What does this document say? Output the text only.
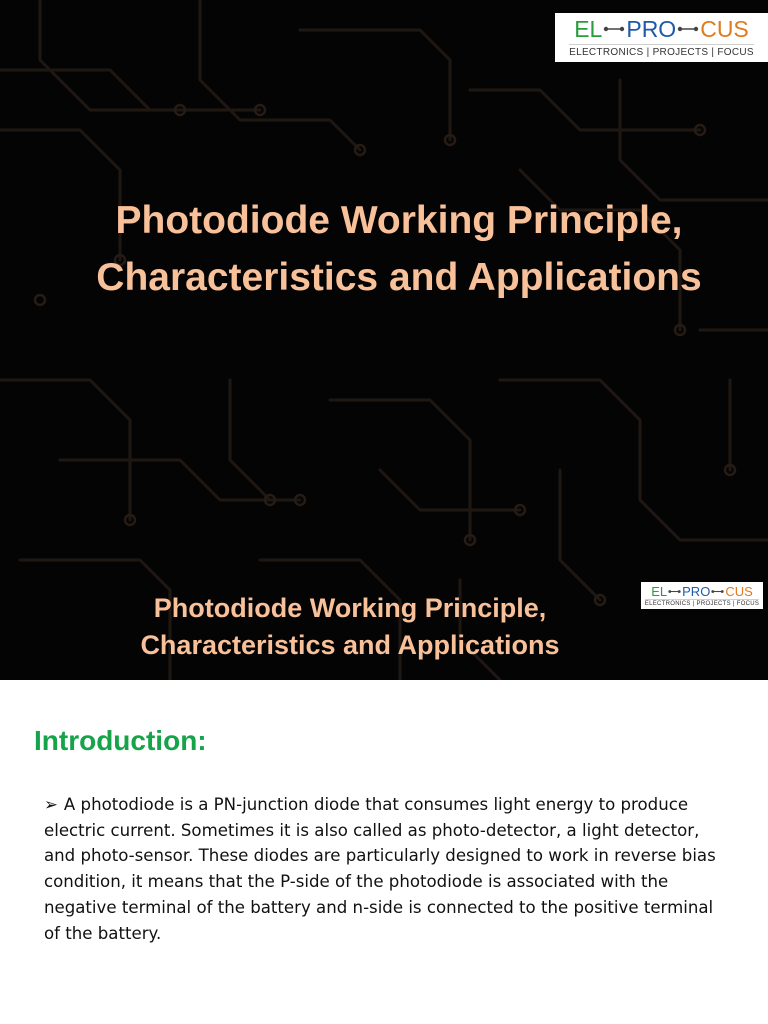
EL PRO CUS
ELECTRONICS | PROJECTS | FOCUS
Photodiode Working Principle, Characteristics and Applications
Photodiode Working Principle, Characteristics and Applications
EL PRO CUS
ELECTRONICS | PROJECTS | FOCUS
Introduction:

➢ A photodiode is a PN-junction diode that consumes light energy to produce electric current. Sometimes it is also called as photo-detector, a light detector, and photo-sensor. These diodes are particularly designed to work in reverse bias condition, it means that the P-side of the photodiode is associated with the negative terminal of the battery and n-side is connected to the positive terminal of the battery.
